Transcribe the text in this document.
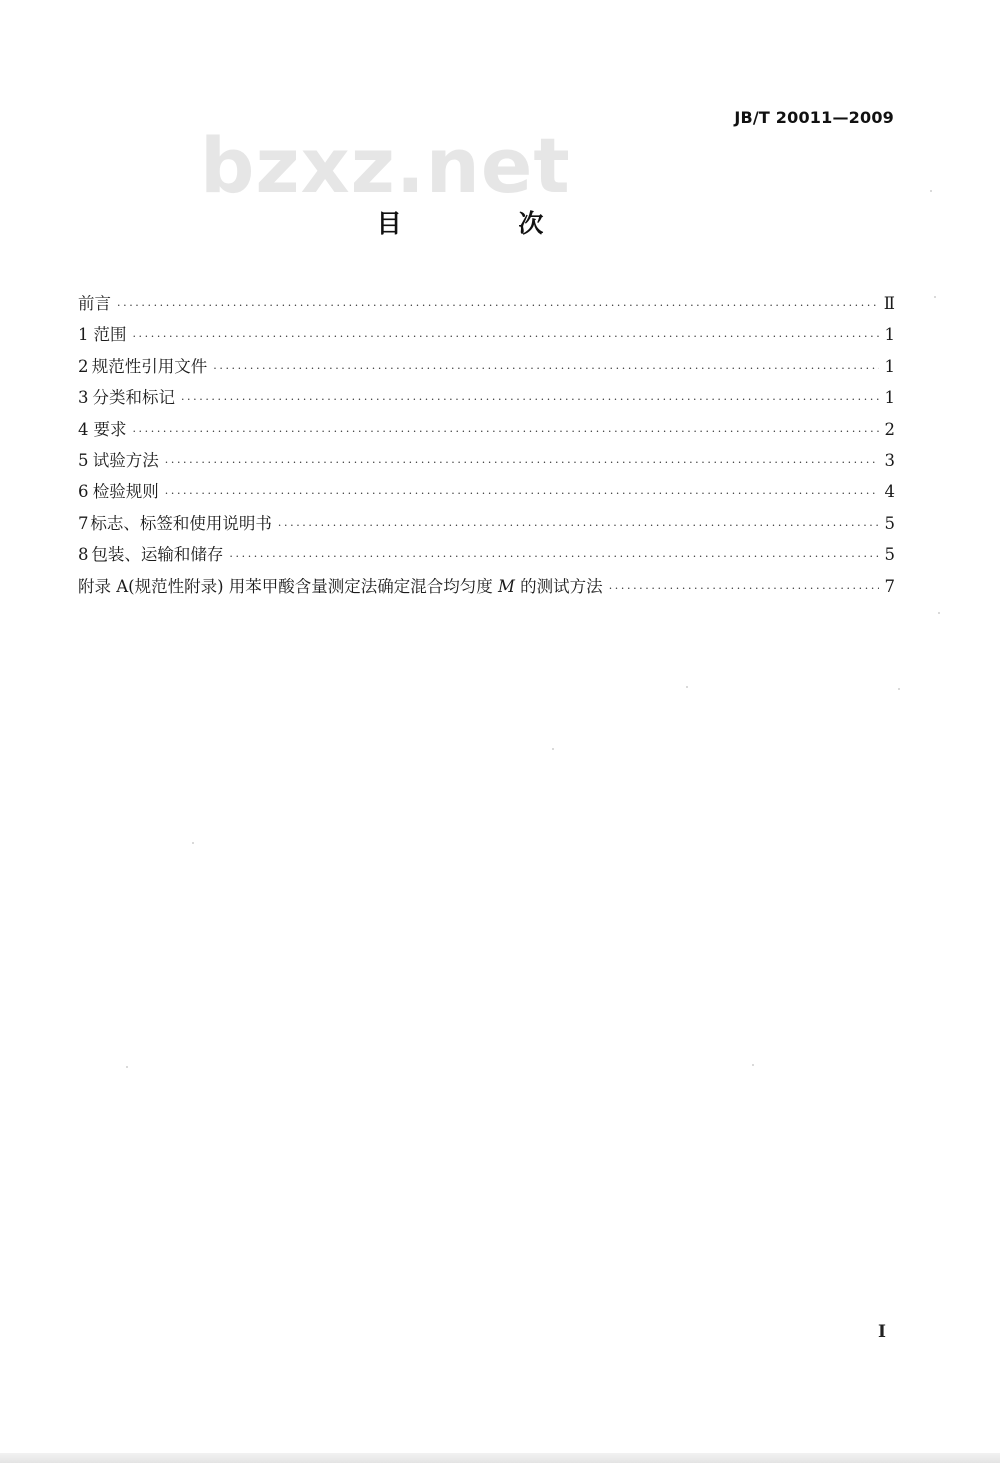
JB/T 20011—2009
bzxz.net
目 次
前言 ·····	Ⅱ
1 范围 ·····	1
2 规范性引用文件 ·····	1
3 分类和标记 ·····	1
4 要求 ·····	2
5 试验方法 ·····	3
6 检验规则 ·····	4
7 标志、标签和使用说明书 ·····	5
8 包装、运输和储存 ·····	5
附录 A(规范性附录) 用苯甲酸含量测定法确定混合均匀度 M 的测试方法 ·····	7
I
